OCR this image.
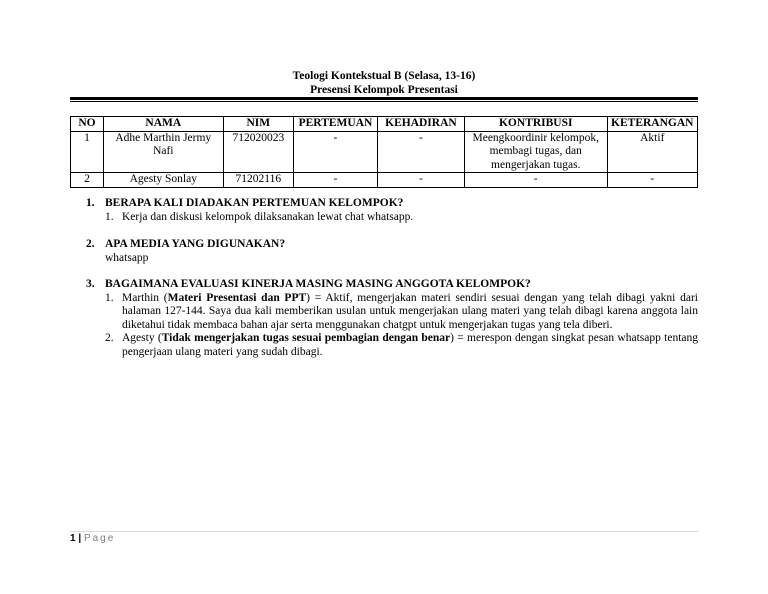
Teologi Kontekstual B (Selasa, 13-16)
Presensi Kelompok Presentasi
NO	NAMA	NIM	PERTEMUAN	KEHADIRAN	KONTRIBUSI	KETERANGAN
1	Adhe Marthin Jermy Nafi	712020023	-	-	Meengkoordinir kelompok, membagi tugas, dan mengerjakan tugas.	Aktif
2	Agesty Sonlay	71202116	-	-	-	-
1. BERAPA KALI DIADAKAN PERTEMUAN KELOMPOK?
1. Kerja dan diskusi kelompok dilaksanakan lewat chat whatsapp.
2. APA MEDIA YANG DIGUNAKAN?
whatsapp
3. BAGAIMANA EVALUASI KINERJA MASING MASING ANGGOTA KELOMPOK?
1. Marthin (Materi Presentasi dan PPT) = Aktif, mengerjakan materi sendiri sesuai dengan yang telah dibagi yakni dari halaman 127-144. Saya dua kali memberikan usulan untuk mengerjakan ulang materi yang telah dibagi karena anggota lain diketahui tidak membaca bahan ajar serta menggunakan chatgpt untuk mengerjakan tugas yang tela diberi.
2. Agesty (Tidak mengerjakan tugas sesuai pembagian dengan benar) = merespon dengan singkat pesan whatsapp tentang pengerjaan ulang materi yang sudah dibagi.
1 | Page
